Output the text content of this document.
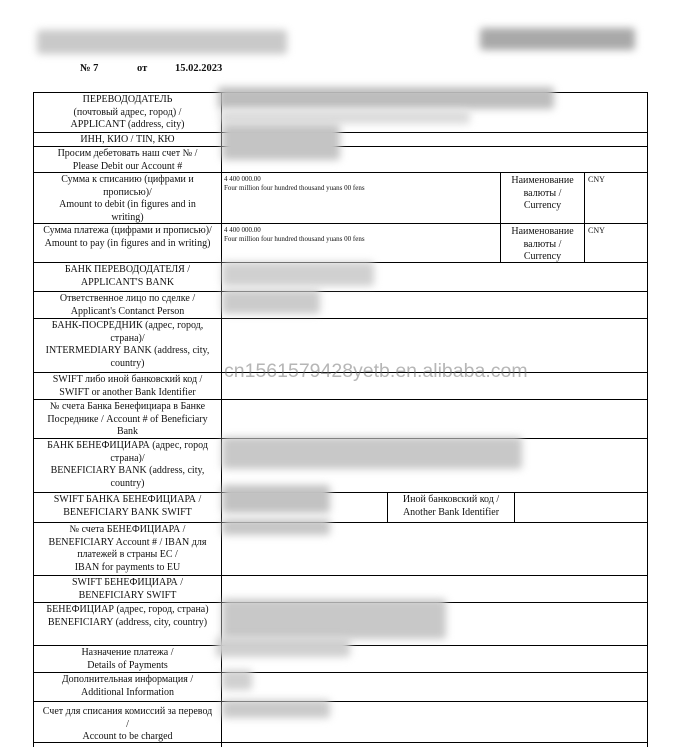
№ 7	от	15.02.2023
ПЕРЕВОДОДАТЕЛЬ
(почтовый адрес, город) /
APPLICANT (address, city)
ИНН, КИО / TIN, КЮ
Просим дебетовать наш счет № /
Please Debit our Account #
Сумма к списанию (цифрами и
прописью)/
Amount to debit (in figures and in
writing)
4 400 000.00
Four million four hundred thousand yuans 00 fens
Наименование
валюты /
Currency
CNY
Сумма платежа (цифрами и прописью)/
Amount to pay (in figures and in writing)
4 400 000.00
Four million four hundred thousand yuans 00 fens
Наименование
валюты /
Currency
CNY
БАНК ПЕРЕВОДОДАТЕЛЯ /
APPLICANT'S BANK
Ответственное лицо по сделке /
Applicant's Contanct Person
БАНК-ПОСРЕДНИК (адрес, город,
страна)/
INTERMEDIARY BANK (address, city,
country)
SWIFT либо иной банковский код /
SWIFT or another Bank Identifier
№ счета Банка Бенефициара в Банке
Посреднике / Account # of Beneficiary
Bank
БАНК БЕНЕФИЦИАРА (адрес, город
страна)/
BENEFICIARY BANK (address, city,
country)
SWIFT БАНКА БЕНЕФИЦИАРА /
BENEFICIARY BANK SWIFT
Иной банковский код /
Another Bank Identifier
№ счета БЕНЕФИЦИАРА /
BENEFICIARY Account # / IBAN для
платежей в страны ЕС /
IBAN for payments to EU
SWIFT БЕНЕФИЦИАРА /
BENEFICIARY SWIFT
БЕНЕФИЦИАР (адрес, город, страна)
BENEFICIARY (address, city, country)
Назначение платежа /
Details of Payments
Дополнительная информация /
Additional Information
Счет для списания комиссий за перевод
/
Account to be charged
cn1561579428yetb.en.alibaba.com
